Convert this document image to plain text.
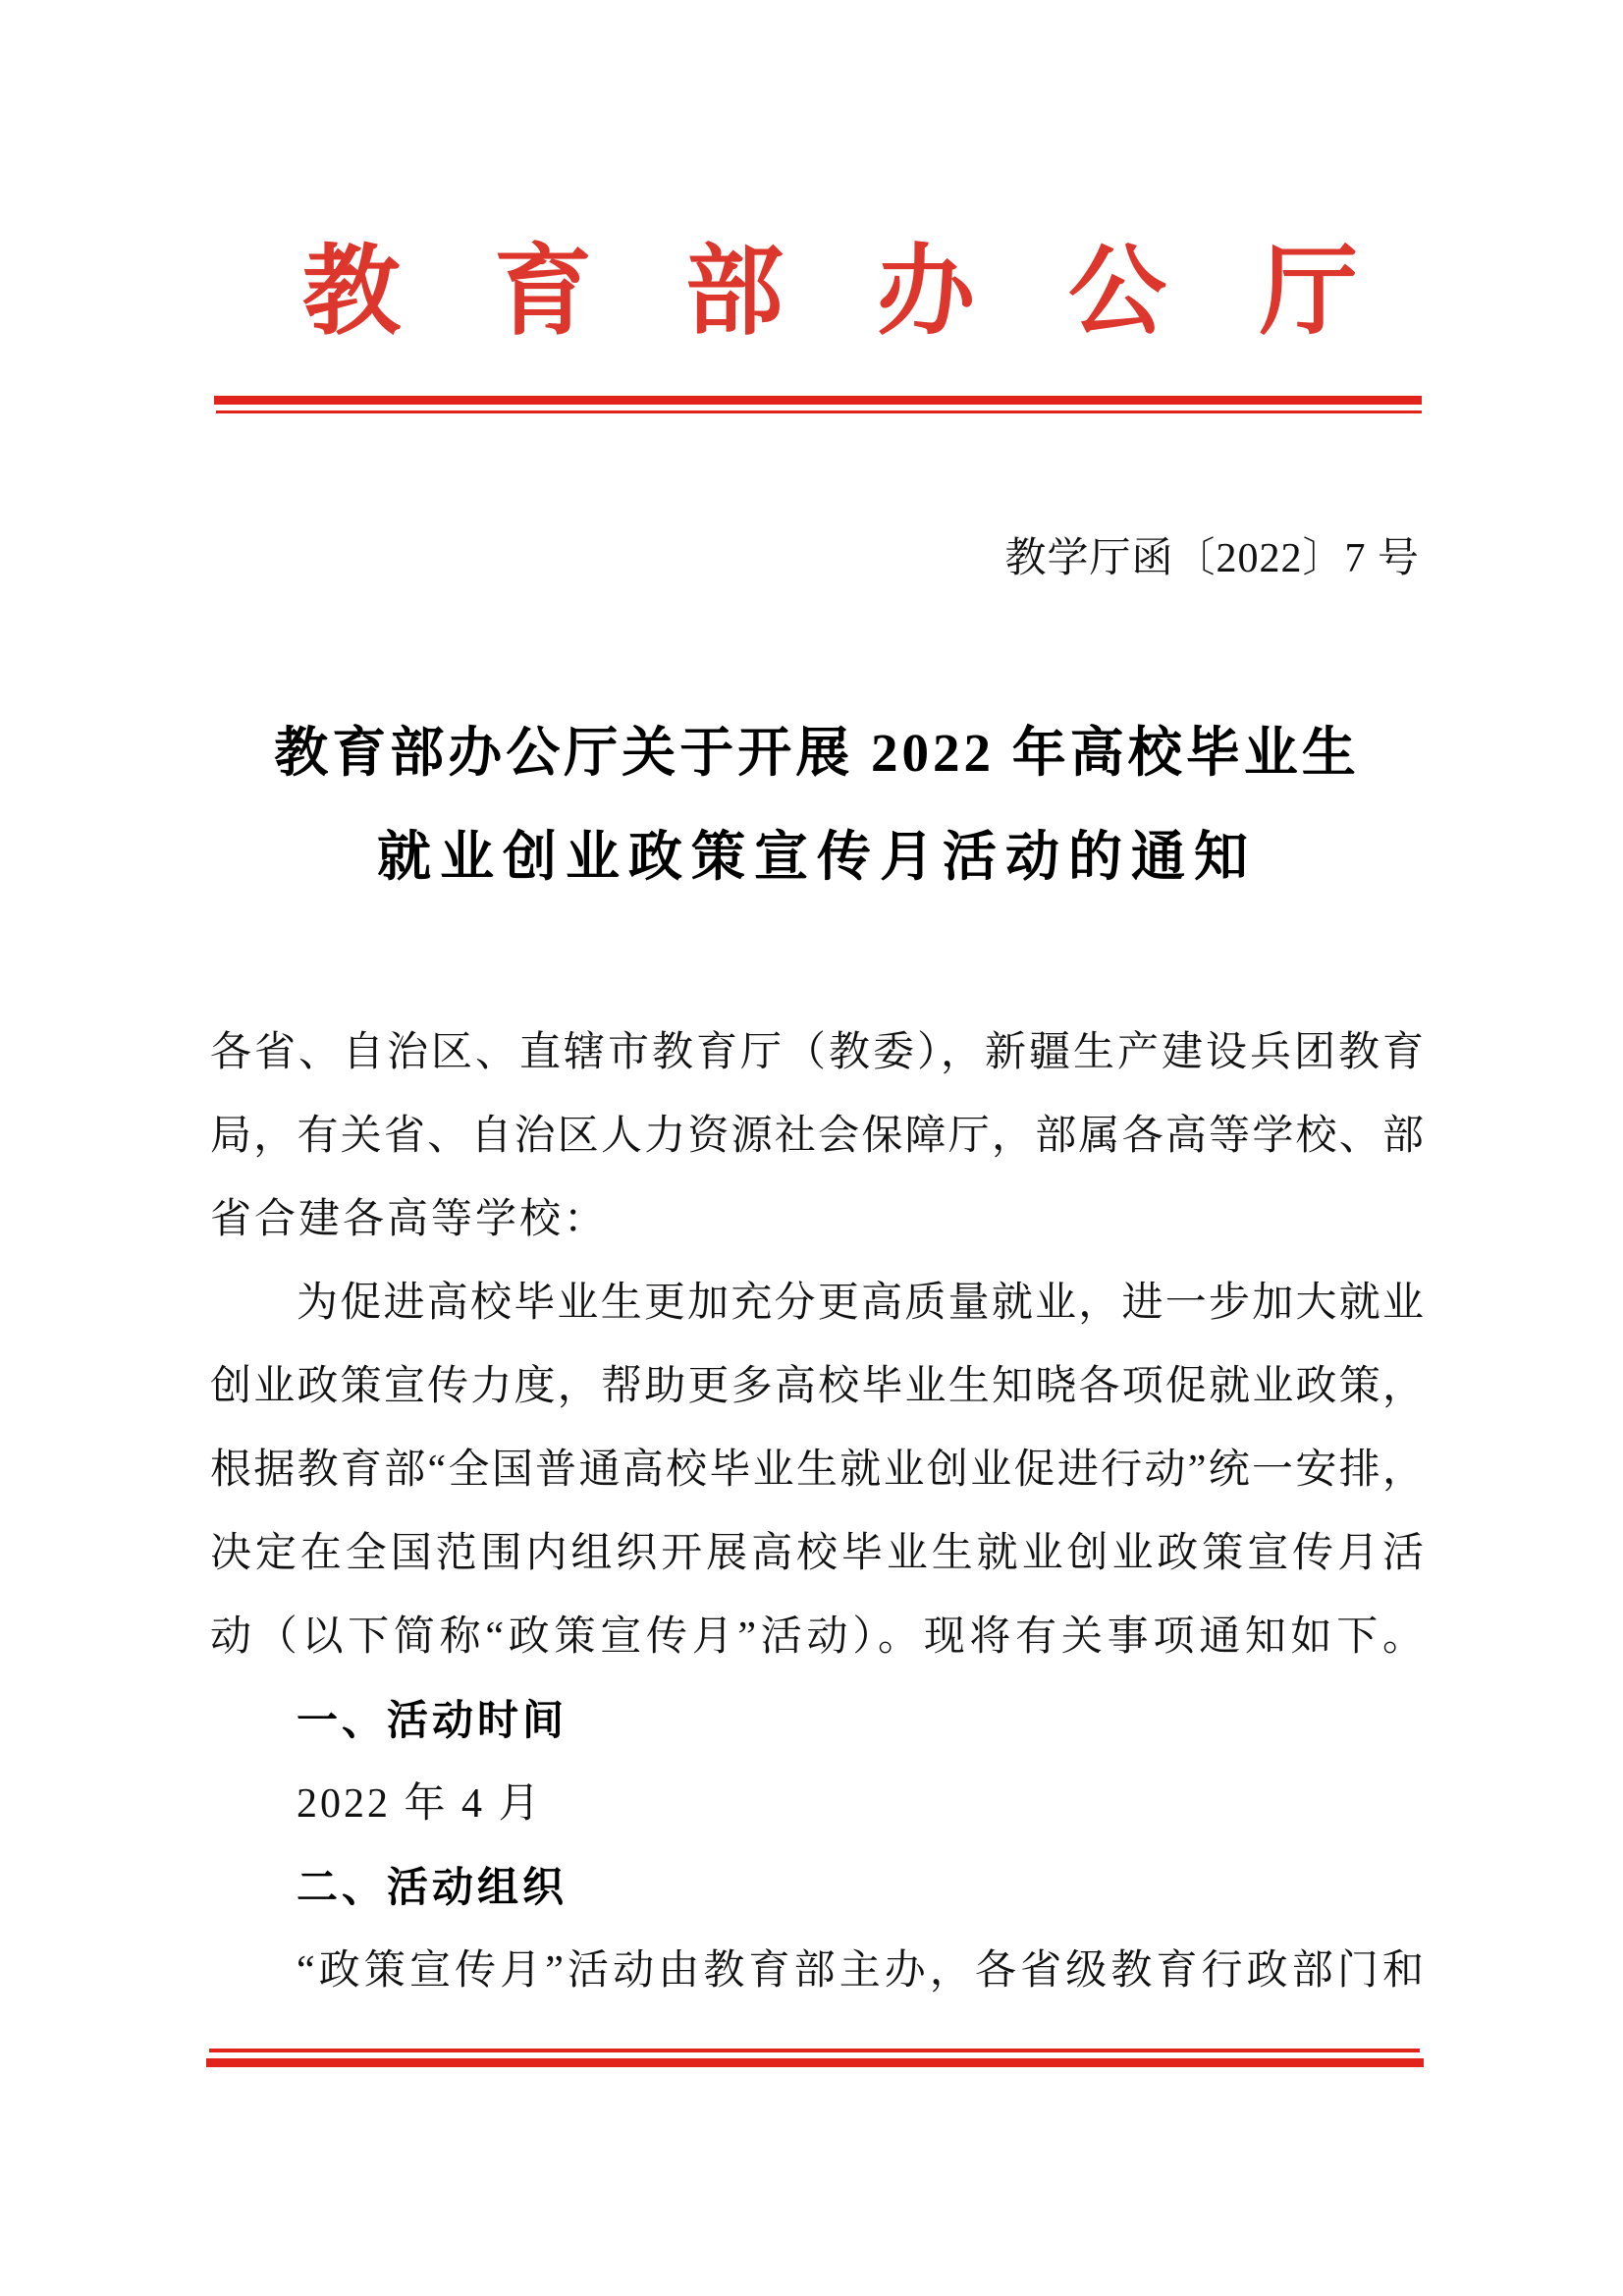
教育部办公厅
教学厅函〔2022〕7 号
教育部办公厅关于开展 2022 年高校毕业生
就业创业政策宣传月活动的通知
各省、自治区、直辖市教育厅（教委），新疆生产建设兵团教育
局，有关省、自治区人力资源社会保障厅，部属各高等学校、部
省合建各高等学校：
为促进高校毕业生更加充分更高质量就业，进一步加大就业
创业政策宣传力度，帮助更多高校毕业生知晓各项促就业政策，
根据教育部“全国普通高校毕业生就业创业促进行动”统一安排，
决定在全国范围内组织开展高校毕业生就业创业政策宣传月活
动（以下简称“政策宣传月”活动）。现将有关事项通知如下。
一、活动时间
2022 年 4 月
二、活动组织
“政策宣传月”活动由教育部主办，各省级教育行政部门和
